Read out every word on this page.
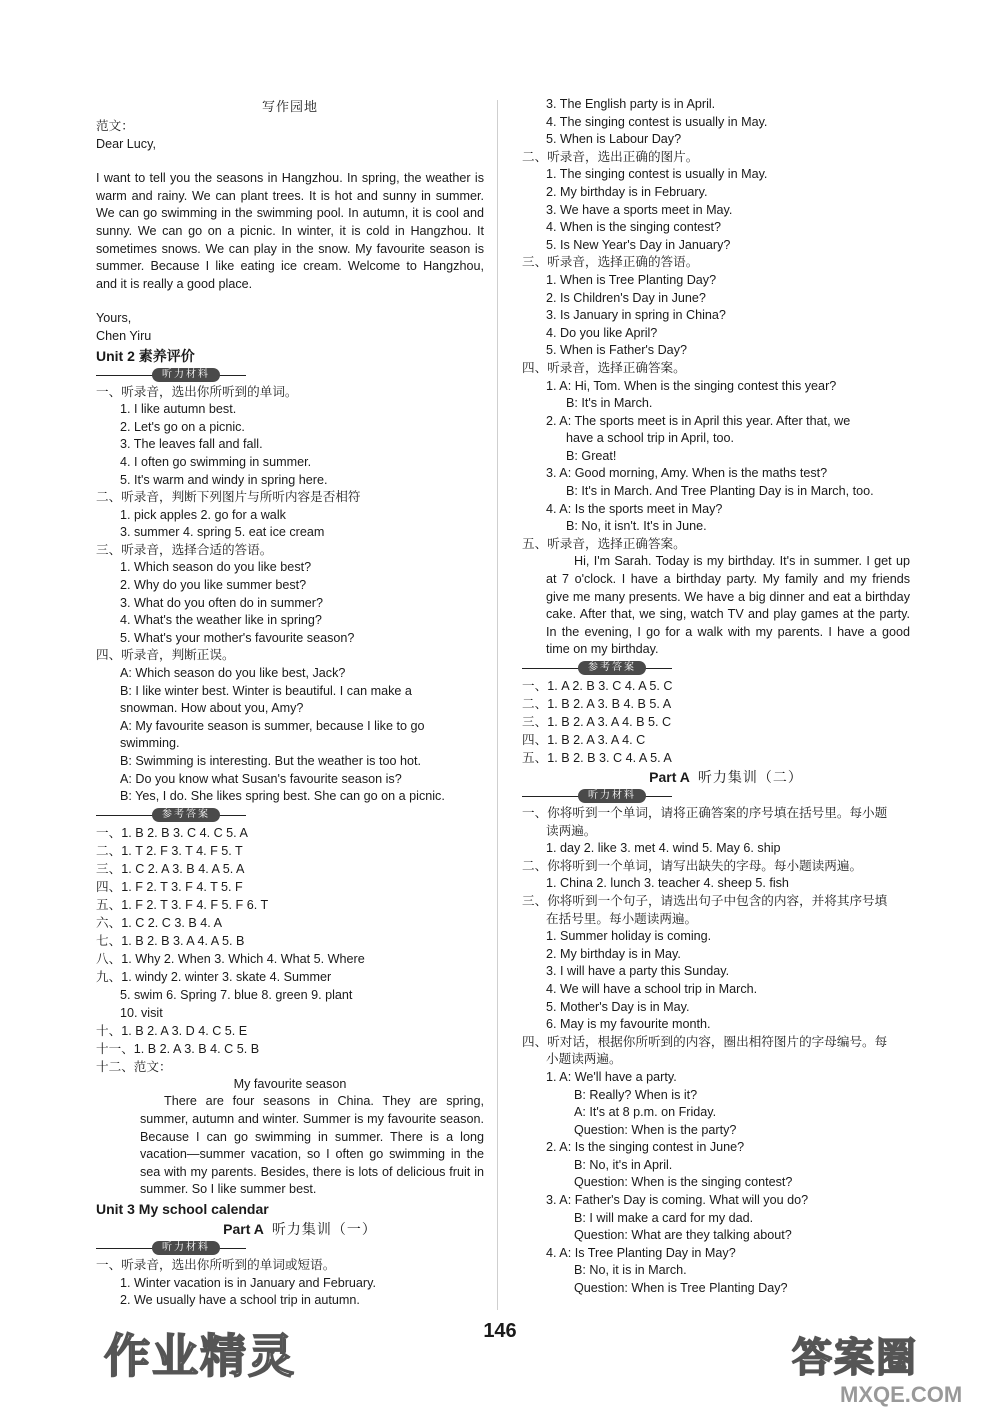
写作园地
范文：
Dear Lucy,
I want to tell you the seasons in Hangzhou. In spring, the weather is warm and rainy. We can plant trees. It is hot and sunny in summer. We can go swimming in the swimming pool. In autumn, it is cool and sunny. We can go on a picnic. In winter, it is cold in Hangzhou. It sometimes snows. We can play in the snow. My favourite season is summer. Because I like eating ice cream. Welcome to Hangzhou, and it is really a good place.
Yours,
Chen Yiru
Unit 2 素养评价
听力材料
一、听录音，选出你所听到的单词。
1. I like autumn best.
2. Let's go on a picnic.
3. The leaves fall and fall.
4. I often go swimming in summer.
5. It's warm and windy in spring here.
二、听录音，判断下列图片与所听内容是否相符
1. pick apples 2. go for a walk
3. summer 4. spring 5. eat ice cream
三、听录音，选择合适的答语。
1. Which season do you like best?
2. Why do you like summer best?
3. What do you often do in summer?
4. What's the weather like in spring?
5. What's your mother's favourite season?
四、听录音，判断正误。
A: Which season do you like best, Jack?
B: I like winter best. Winter is beautiful. I can make a
snowman. How about you, Amy?
A: My favourite season is summer, because I like to go
swimming.
B: Swimming is interesting. But the weather is too hot.
A: Do you know what Susan's favourite season is?
B: Yes, I do. She likes spring best. She can go on a picnic.
参考答案
一、1. B 2. B 3. C 4. C 5. A
二、1. T 2. F 3. T 4. F 5. T
三、1. C 2. A 3. B 4. A 5. A
四、1. F 2. T 3. F 4. T 5. F
五、1. F 2. T 3. F 4. F 5. F 6. T
六、1. C 2. C 3. B 4. A
七、1. B 2. B 3. A 4. A 5. B
八、1. Why 2. When 3. Which 4. What 5. Where
九、1. windy 2. winter 3. skate 4. Summer
5. swim 6. Spring 7. blue 8. green 9. plant
10. visit
十、1. B 2. A 3. D 4. C 5. E
十一、1. B 2. A 3. B 4. C 5. B
十二、范文：
My favourite season
There are four seasons in China. They are spring, summer, autumn and winter. Summer is my favourite season. Because I can go swimming in summer. There is a long vacation—summer vacation, so I often go swimming in the sea with my parents. Besides, there is lots of delicious fruit in summer. So I like summer best.
Unit 3 My school calendar
Part A 听力集训（一）
听力材料
一、听录音，选出你所听到的单词或短语。
1. Winter vacation is in January and February.
2. We usually have a school trip in autumn.
3. The English party is in April.
4. The singing contest is usually in May.
5. When is Labour Day?
二、听录音，选出正确的图片。
1. The singing contest is usually in May.
2. My birthday is in February.
3. We have a sports meet in May.
4. When is the singing contest?
5. Is New Year's Day in January?
三、听录音，选择正确的答语。
1. When is Tree Planting Day?
2. Is Children's Day in June?
3. Is January in spring in China?
4. Do you like April?
5. When is Father's Day?
四、听录音，选择正确答案。
1. A: Hi, Tom. When is the singing contest this year?
B: It's in March.
2. A: The sports meet is in April this year. After that, we
have a school trip in April, too.
B: Great!
3. A: Good morning, Amy. When is the maths test?
B: It's in March. And Tree Planting Day is in March, too.
4. A: Is the sports meet in May?
B: No, it isn't. It's in June.
五、听录音，选择正确答案。
Hi, I'm Sarah. Today is my birthday. It's in summer. I get up at 7 o'clock. I have a birthday party. My family and my friends give me many presents. We have a big dinner and eat a birthday cake. After that, we sing, watch TV and play games at the party. In the evening, I go for a walk with my parents. I have a good time on my birthday.
参考答案
一、1. A 2. B 3. C 4. A 5. C
二、1. B 2. A 3. B 4. B 5. A
三、1. B 2. A 3. A 4. B 5. C
四、1. B 2. A 3. A 4. C
五、1. B 2. B 3. C 4. A 5. A
Part A 听力集训（二）
听力材料
一、你将听到一个单词，请将正确答案的序号填在括号里。每小题
读两遍。
1. day 2. like 3. met 4. wind 5. May 6. ship
二、你将听到一个单词，请写出缺失的字母。每小题读两遍。
1. China 2. lunch 3. teacher 4. sheep 5. fish
三、你将听到一个句子，请选出句子中包含的内容，并将其序号填
在括号里。每小题读两遍。
1. Summer holiday is coming.
2. My birthday is in May.
3. I will have a party this Sunday.
4. We will have a school trip in March.
5. Mother's Day is in May.
6. May is my favourite month.
四、听对话，根据你所听到的内容，圈出相符图片的字母编号。每
小题读两遍。
1. A: We'll have a party.
B: Really? When is it?
A: It's at 8 p.m. on Friday.
Question: When is the party?
2. A: Is the singing contest in June?
B: No, it's in April.
Question: When is the singing contest?
3. A: Father's Day is coming. What will you do?
B: I will make a card for my dad.
Question: What are they talking about?
4. A: Is Tree Planting Day in May?
B: No, it is in March.
Question: When is Tree Planting Day?
146
作业精灵	答案圈
MXQE.COM
